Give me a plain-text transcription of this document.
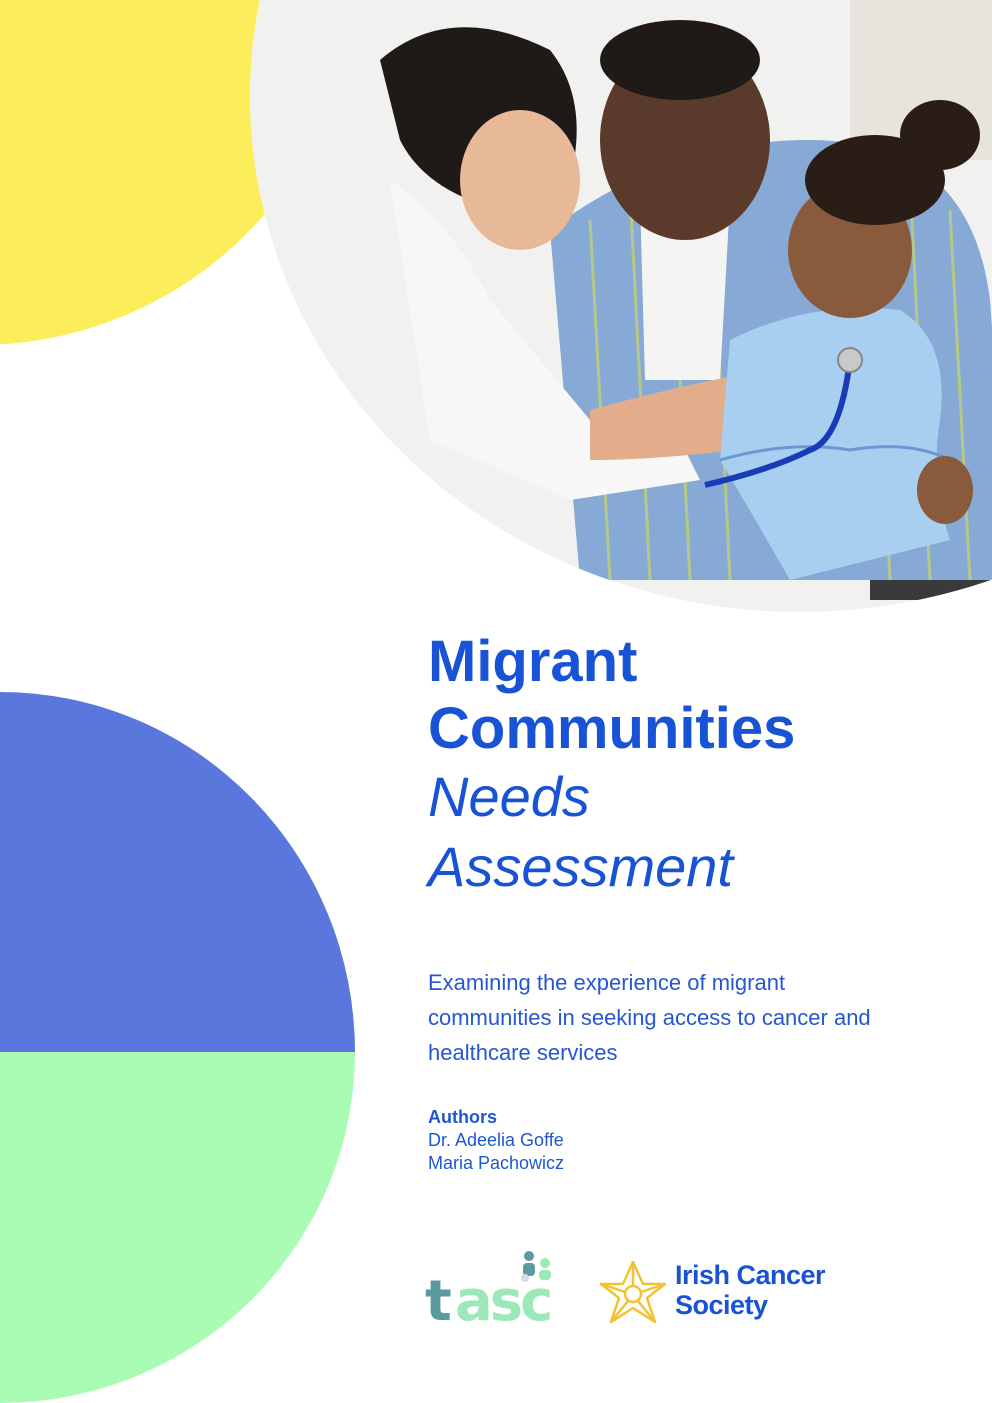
Migrant
Communities
Needs
Assessment
Examining the experience of migrant communities in seeking access to cancer and healthcare services
Authors
Dr. Adeelia Goffe
Maria Pachowicz
t asc	Irish Cancer
Society
